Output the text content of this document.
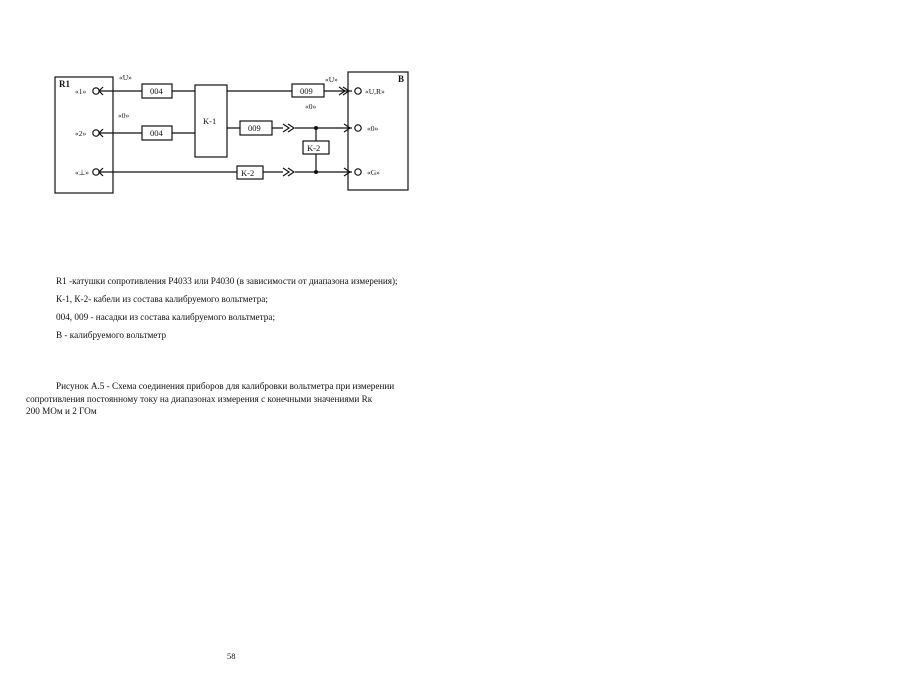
R1	B
«1»
«2»
«⊥»
«U,R»
«0»
«G»
«U»
«0»
«U»
«0»
004
004
K-1
009
009
K-2
K-2
R1 -катушки сопротивления Р4033 или Р4030 (в зависимости от диапазона измерения);
К-1, К-2- кабели из состава калибруемого вольтметра;
004, 009 - насадки из состава калибруемого вольтметра;
В - калибруемого вольтметр
Рисунок А.5 - Схема соединения приборов для калибровки вольтметра при измерении
сопротивления постоянному току на диапазонах измерения с конечными значениями Rк
200 МОм и 2 ГОм
58
